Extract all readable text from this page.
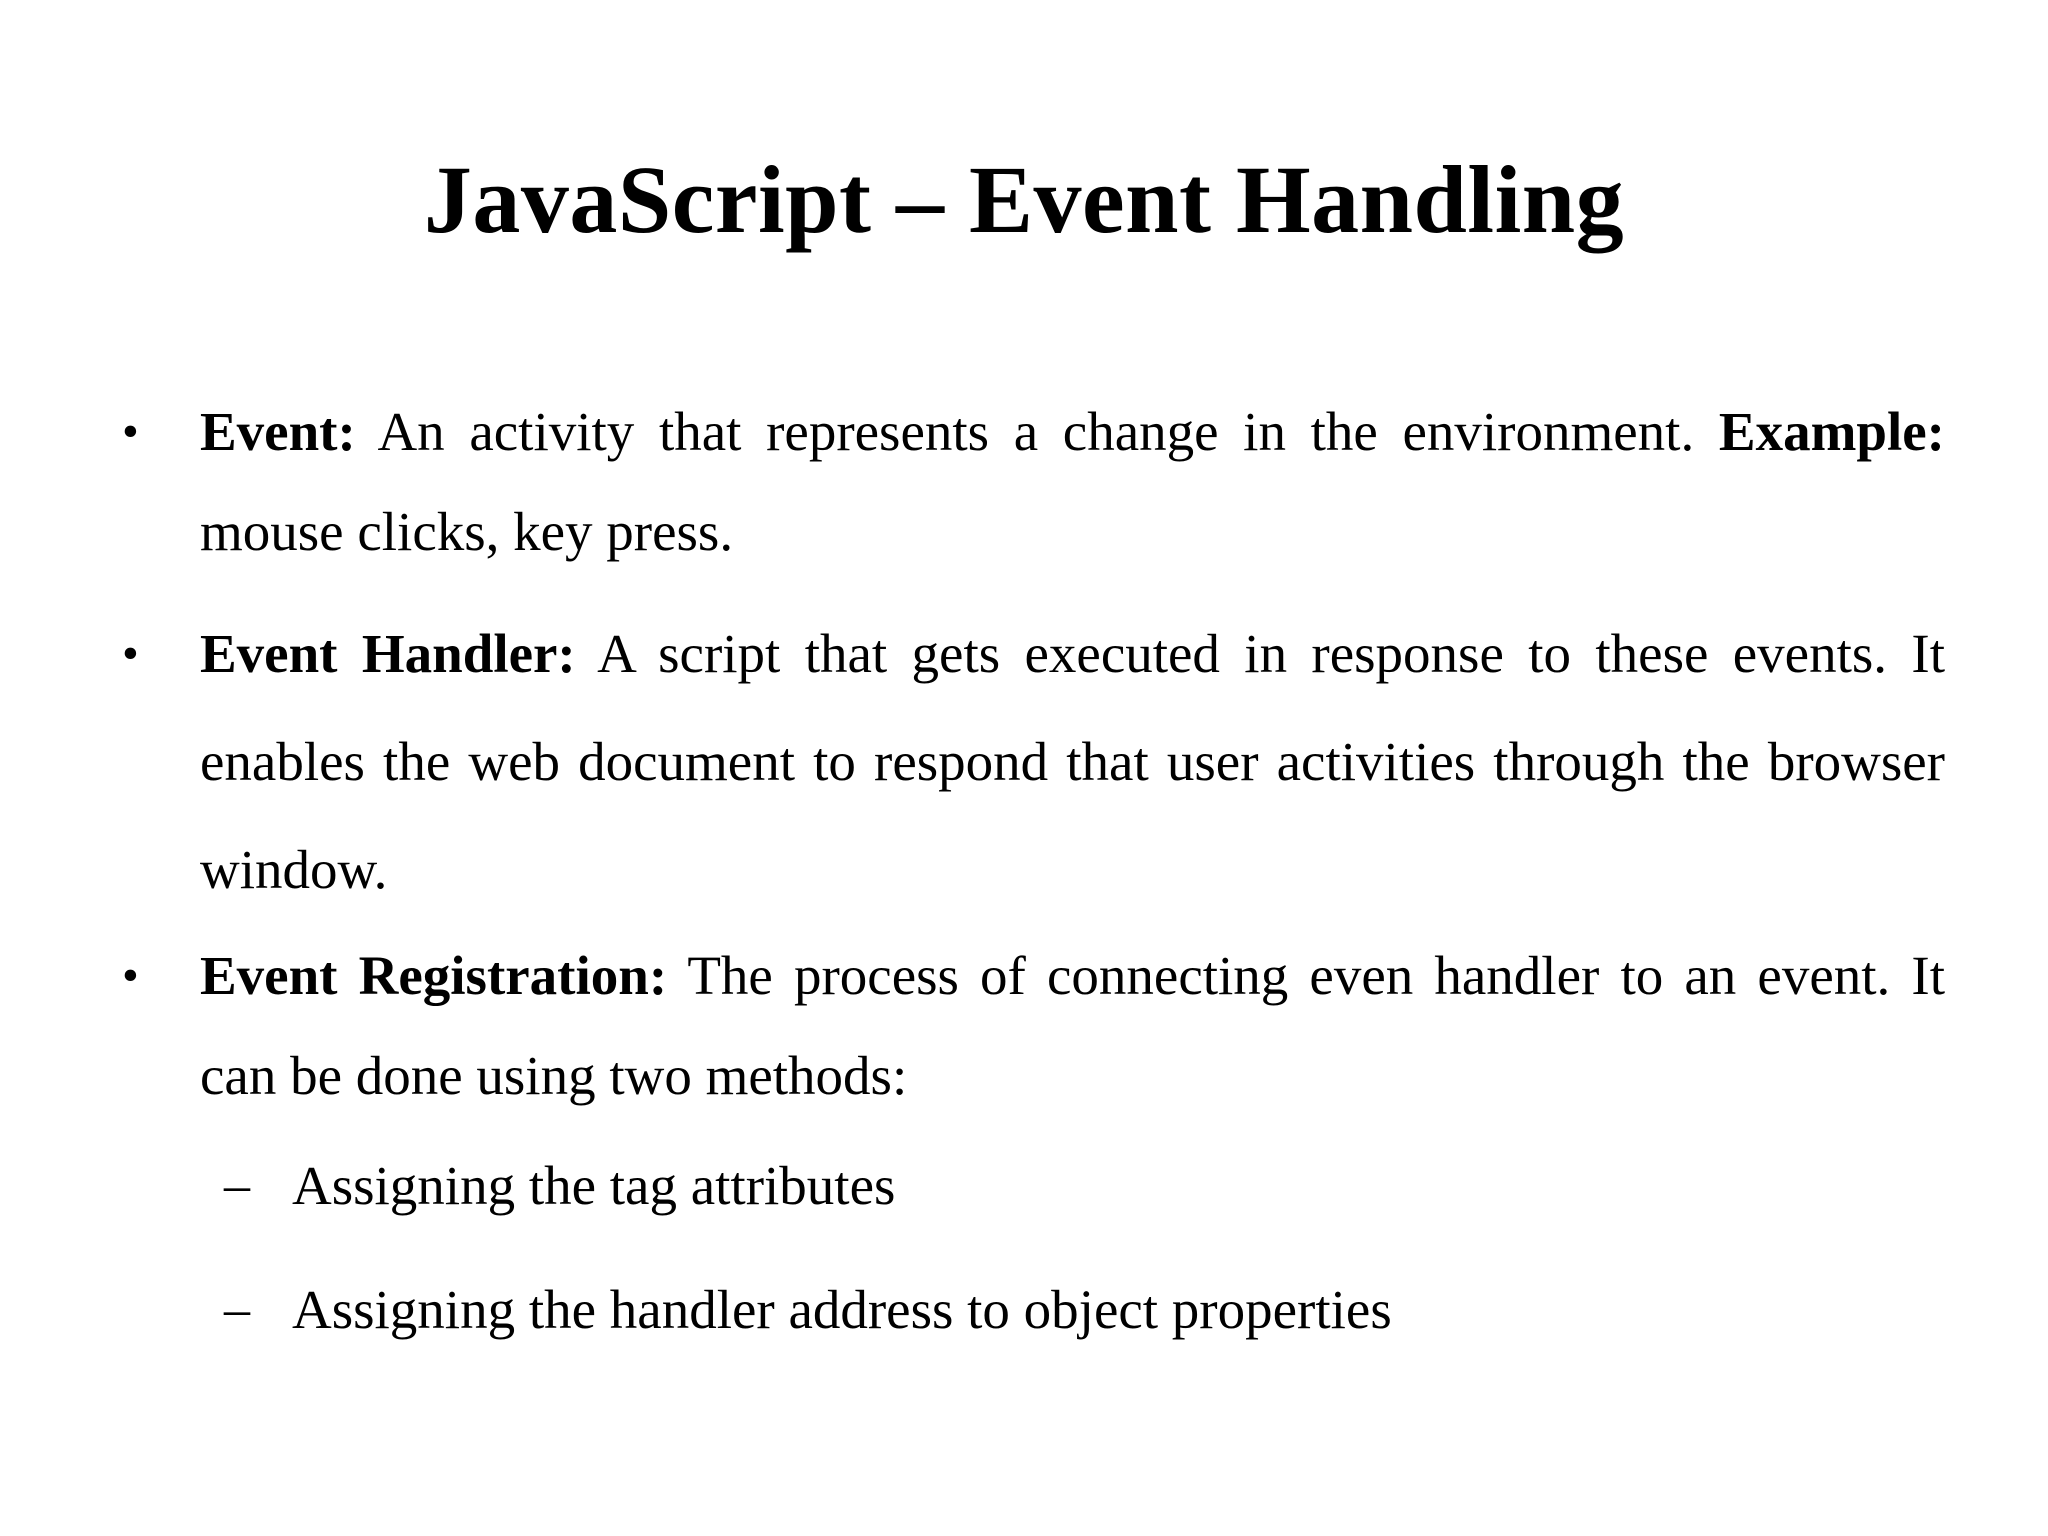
JavaScript – Event Handling
• Event: An activity that represents a change in the environment. Example: mouse clicks, key press.
• Event Handler: A script that gets executed in response to these events. It enables the web document to respond that user activities through the browser window.
• Event Registration: The process of connecting even handler to an event. It can be done using two methods:
– Assigning the tag attributes
– Assigning the handler address to object properties
